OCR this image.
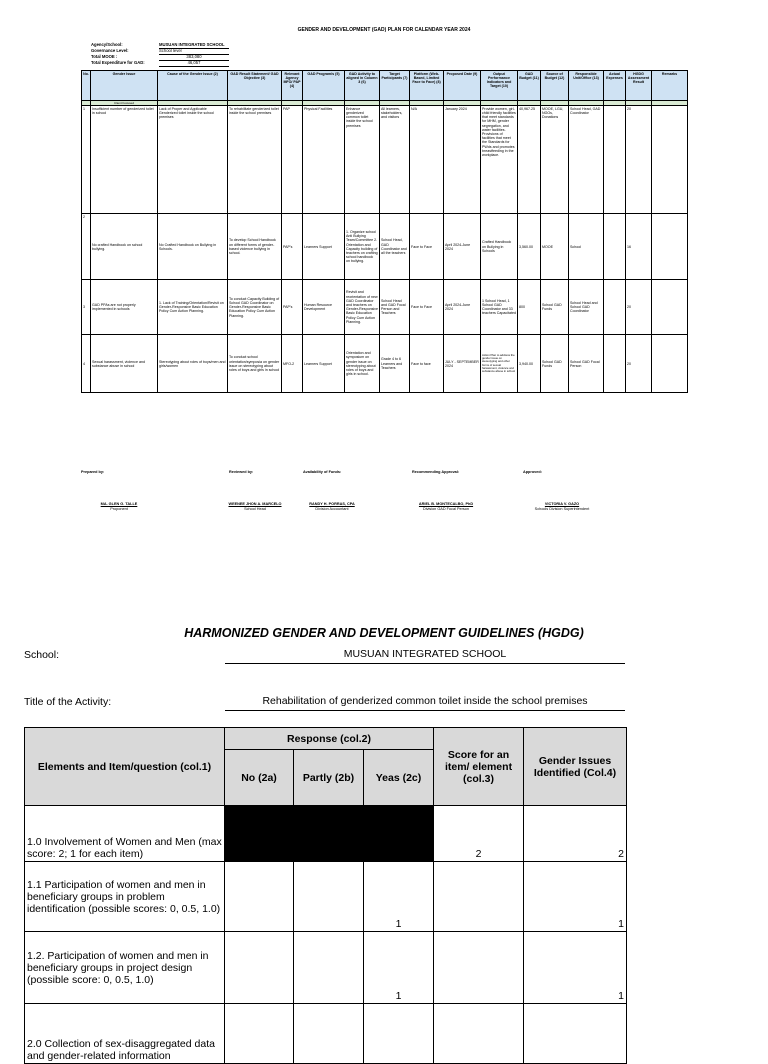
GENDER AND DEVELOPMENT (GAD) PLAN FOR CALENDAR YEAR 2024
Agency/School:	MUSUAN INTEGRATED SCHOOL
Governance Level:	School level
Total MOOE :	383,080
Total Expenditure for GAD:	46,057
No.	Gender Issue	Cause of the Gender Issue (2)	GAD Result Statement/ GAD Objective (3)	Relevant Agency MFO/ PAP (4)	GAD Program/s (5)	GAD Activity to aligned in Column 3 (6)	Target Participants (7)	Platform (Web-Based, Limited Face to Face) (8)	Proposed Date (9)	Output Performance Indicators and Target (10)	GAD Budget (11)	Source of Budget (12)	Responsible Unit/Office (13)	Actual Expenses	HGDG Assessment Result	Remarks
	Client Focused															
1	Insufficient number of genderized toilet in school	Lack of Proper and Applicable Genderized toilet inside the school premises	To rehabilitate genderized toilet inside the school premises	PAP	Physical Facilities	Enhance genderized common toilet inside the school premises	All learners, stakeholders, and visitors	N/A	January 2024	Provide women, girl-child friendly facilities that meet standards for MHM, gender segregation, and water facilities. Provisions of facilities that meet the Standards for PWds and promotes breastfeeding in the workplace.	40,967.25	MOOE, LGU, NGOs, Donations	School Head, GAD Coordinator		20	
2	No crafted Handbook on school bullying.	No Crafted Handbook on Bullying in Schools.	To develop School Handbook on different forms of gender-based violence bullying in school.	PAP's	Learners Support	1. Organize school Anti Bullying Team/Committee 2. Orientation and Capacity building of teachers on crafting school handbook on bullying.	School Head, GAD Coordinator and all the teachers	Face to Face	April 2024-June 2024	Crafted Handbook on Bullying in Schools	3,560.00	MOOE	School		16	
3	GAD PPAs are not properly implemented in schools	1. Lack of Training/Orientation/Revisit on Gender-Responsive Basic Education Policy Cum Action Planning.	To conduct Capacity Building of School GAD Coordinator on Gender-Responsive Basic Education Policy Cum Action Planning.	PAP's	Human Resource Development	Revisit and reorientation of new GAD Coordinator and teachers on Gender-Responsive Basic Education Policy Cum Action Planning.	School Head and GAD Focal Person and Teachers	Face to Face	April 2024-June 2024	1 School Head, 1 School GAD Coordinator and 33 teachers Capacitated	800	School GAD Funds	School Head and School GAD Coordinator		20	
4	Sexual harassment, violence and substance abuse in school	Stereotyping about roles of boys/men and girls/women	To conduct school orientation/symposia on gender issue on stereotyping about roles of boys and girls in school	MFO-2	Learners Support	Orientation and symposium on gender issue on stereotyping about roles of boys and girls in school.	Grade 4 to 6 Learners and Teachers	Face to face	JULY - SEPTEMBER 2024	Action Plan to address the gender issue on stereotyping and other forms of sexual harassment, violence and substance abuse in school	3,940.00	School GAD Funds	School GAD Focal Person		20	
Prepared by:	Reviewed by:	Availability of Funds:	Recommending Approval:	Approved:
MA. GLEN G. TALLE
Proponent
WEENEE JHON A. MARCELO
School Head
RANDY H. PORRAS, CPA
Division Accountant
ARIEL B. MONTECALBO, PhD
Division GAD Focal Person
VICTORIA V. GAZO
Schools Division Superintendent
HARMONIZED GENDER AND DEVELOPMENT GUIDELINES (HGDG)
School:	MUSUAN INTEGRATED SCHOOL
Title of the Activity:	Rehabilitation of genderized common toilet inside the school premises
Elements and Item/question (col.1)	Response (col.2)			Score for an item/ element (col.3)	Gender Issues Identified (Col.4)
	No (2a)	Partly (2b)	Yeas (2c)		
1.0 Involvement of Women and Men (max score: 2; 1 for each item)				2	2
1.1 Participation of women and men in beneficiary groups in problem identification (possible scores: 0, 0.5, 1.0)			1		1
1.2. Participation of women and men in beneficiary groups in project design (possible score: 0, 0.5, 1.0)			1		1
2.0 Collection of sex-disaggregated data and gender-related information					
